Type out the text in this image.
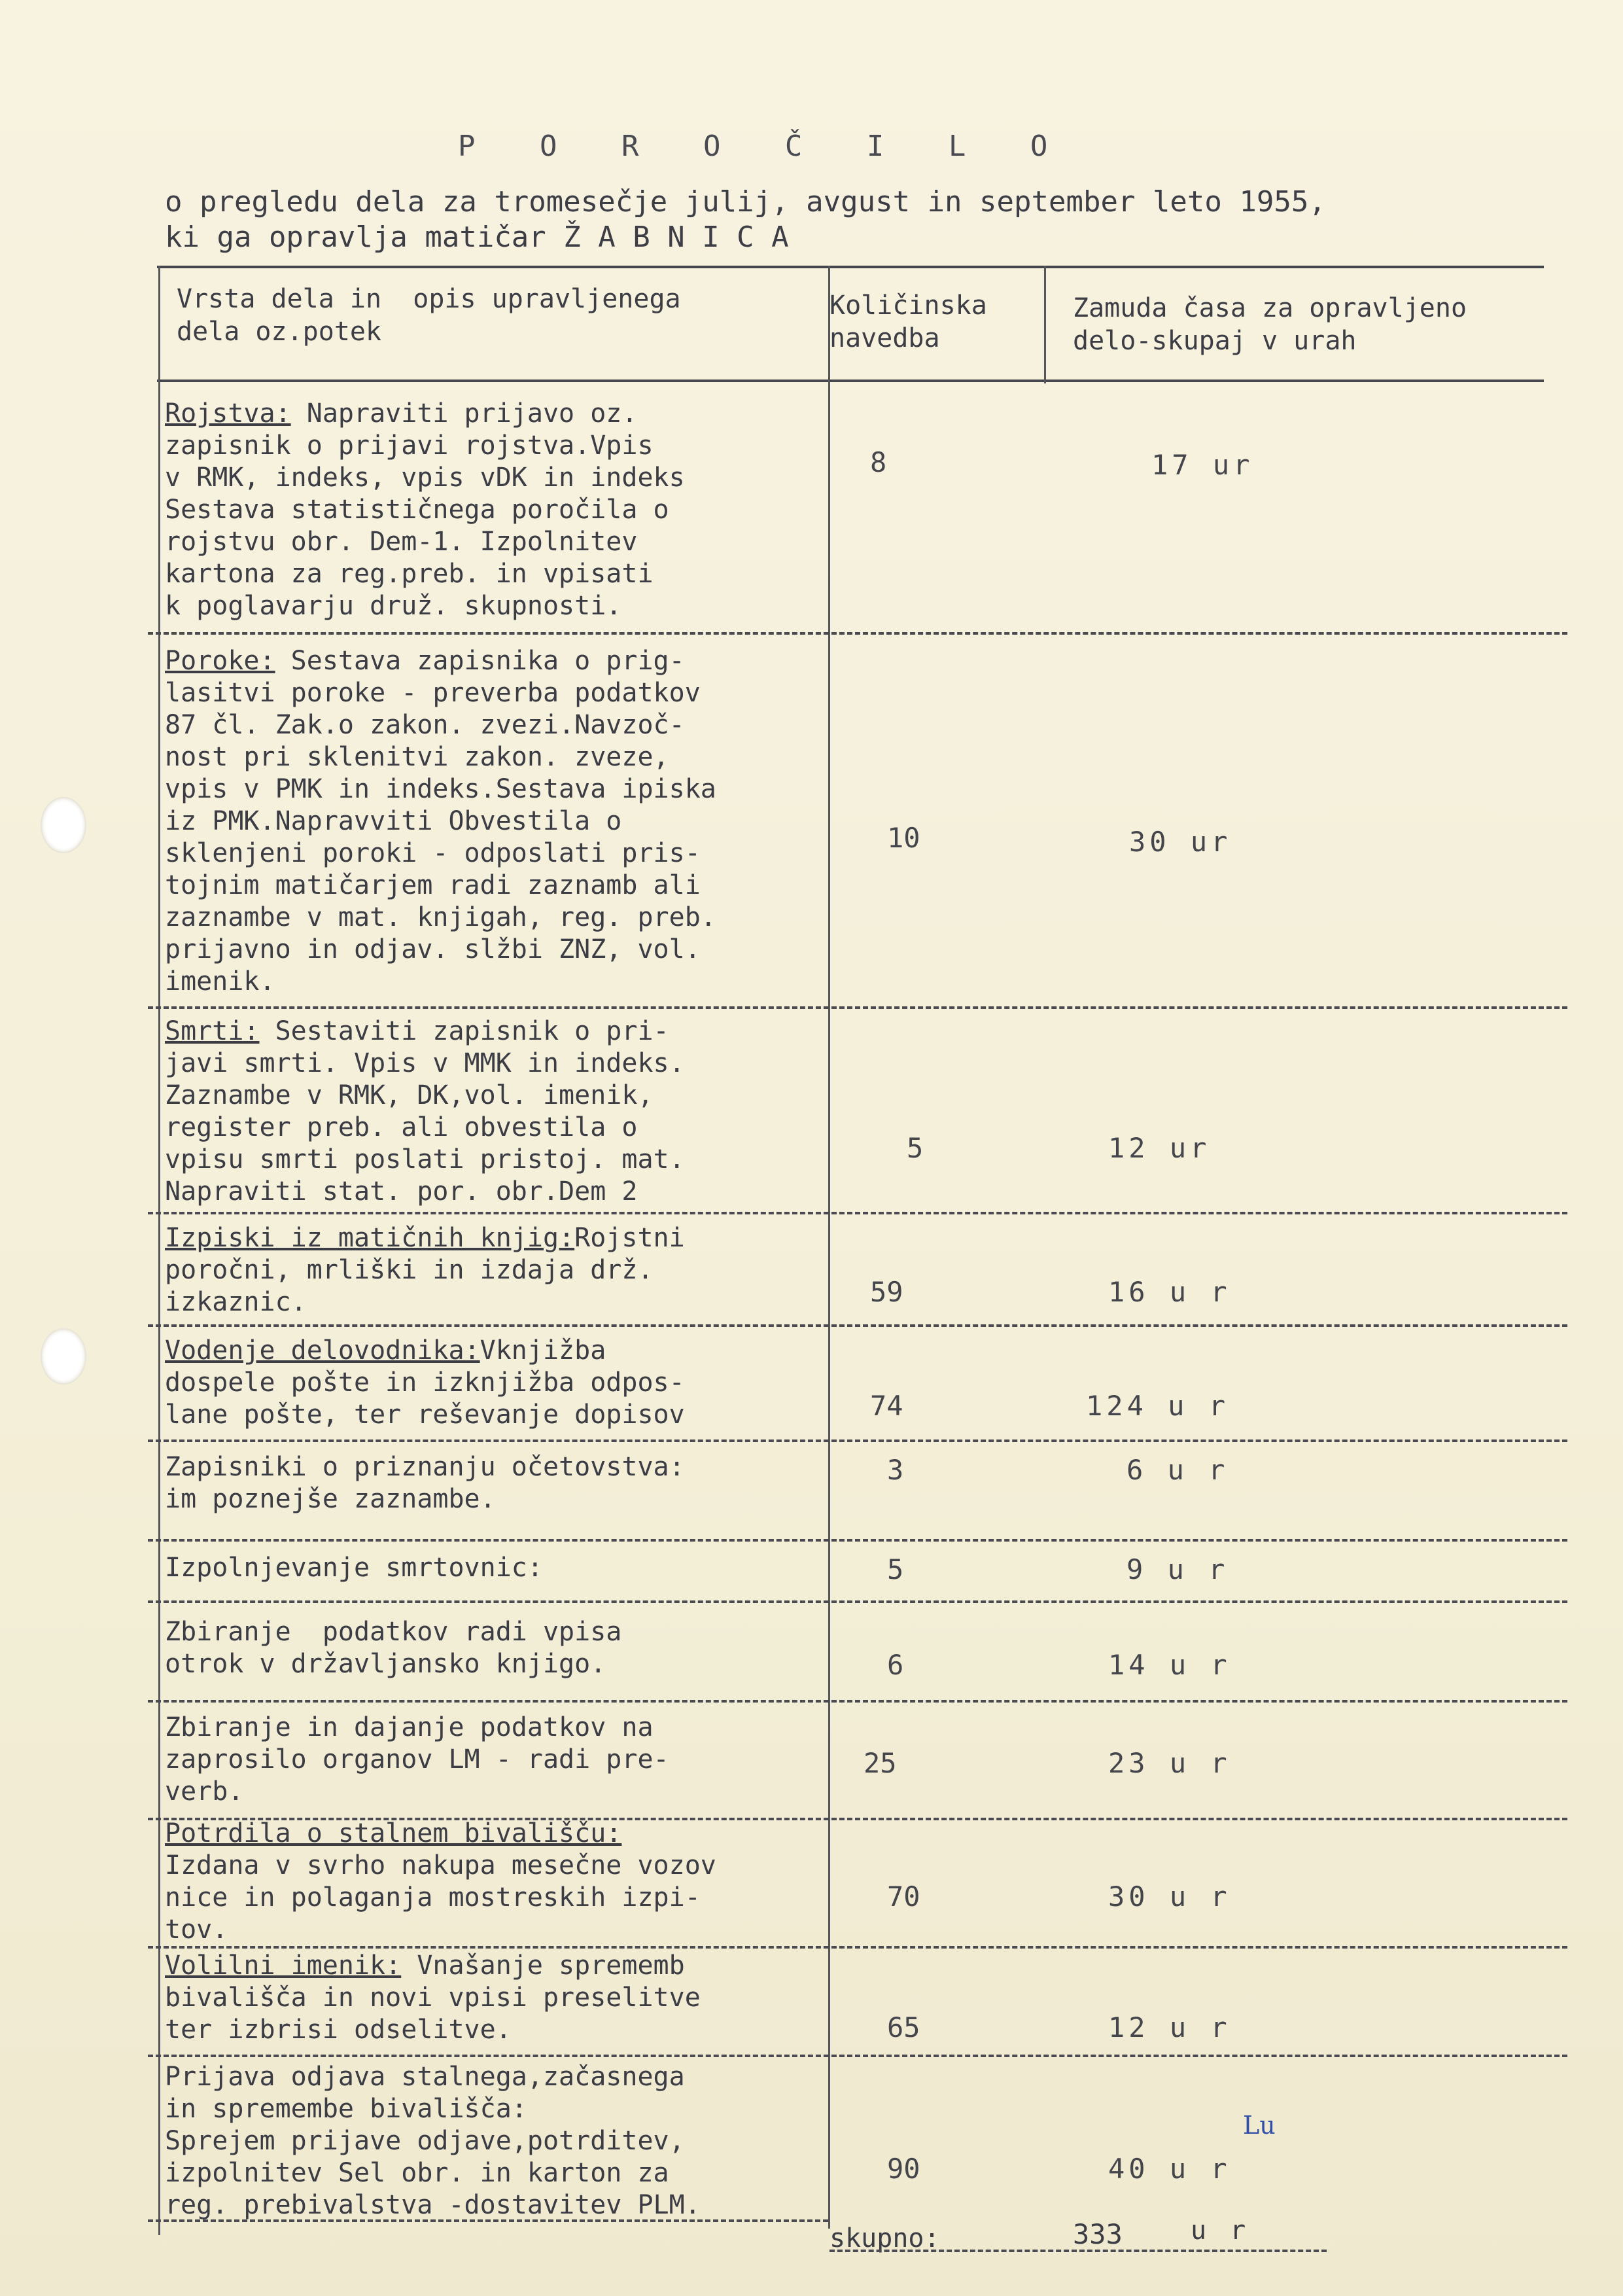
P O R O Č I L O
o pregledu dela za tromesečje julij, avgust in september leto 1955,
ki ga opravlja matičar Ž A B N I C A
Vrsta dela in  opis upravljenega
dela oz.potek
Količinska
navedba
Zamuda časa za opravljeno
delo-skupaj v urah
Rojstva: Napraviti prijavo oz.
zapisnik o prijavi rojstva.Vpis
v RMK, indeks, vpis vDK in indeks
Sestava statističnega poročila o
rojstvu obr. Dem-1. Izpolnitev
kartona za reg.preb. in vpisati
k poglavarju druž. skupnosti.
8	17 ur
Poroke: Sestava zapisnika o prig-
lasitvi poroke - preverba podatkov
87 čl. Zak.o zakon. zvezi.Navzoč-
nost pri sklenitvi zakon. zveze,
vpis v PMK in indeks.Sestava ipiska
iz PMK.Napravviti Obvestila o
sklenjeni poroki - odposlati pris-
tojnim matičarjem radi zaznamb ali
zaznambe v mat. knjigah, reg. preb.
prijavno in odjav. slžbi ZNZ, vol.
imenik.
10	30 ur
Smrti: Sestaviti zapisnik o pri-
javi smrti. Vpis v MMK in indeks.
Zaznambe v RMK, DK,vol. imenik,
register preb. ali obvestila o
vpisu smrti poslati pristoj. mat.
Napraviti stat. por. obr.Dem 2
5	12 ur
Izpiski iz matičnih knjig:Rojstni
poročni, mrliški in izdaja drž.
izkaznic.	59	16 u r
Vodenje delovodnika:Vknjižba
dospele pošte in izknjižba odpos-
lane pošte, ter reševanje dopisov	74	124 u r
Zapisniki o priznanju očetovstva:
im poznejše zaznambe.
3	6 u r
Izpolnjevanje smrtovnic:	5	9 u r
Zbiranje  podatkov radi vpisa
otrok v državljansko knjigo.	6	14 u r
Zbiranje in dajanje podatkov na
zaprosilo organov LM - radi pre-
verb.
25	23 u r
Potrdila o stalnem bivališču:
Izdana v svrho nakupa mesečne vozov
nice in polaganja mostreskih izpi-
tov.
70	30 u r
Volilni imenik: Vnašanje sprememb
bivališča in novi vpisi preselitve
ter izbrisi odselitve.	65	12 u r
Prijava odjava stalnega,začasnega
in spremembe bivališča:
Sprejem prijave odjave,potrditev,
izpolnitev Sel obr. in karton za
reg. prebivalstva -dostavitev PLM.
90	40 u r
skupno:	333	u r
Lu
